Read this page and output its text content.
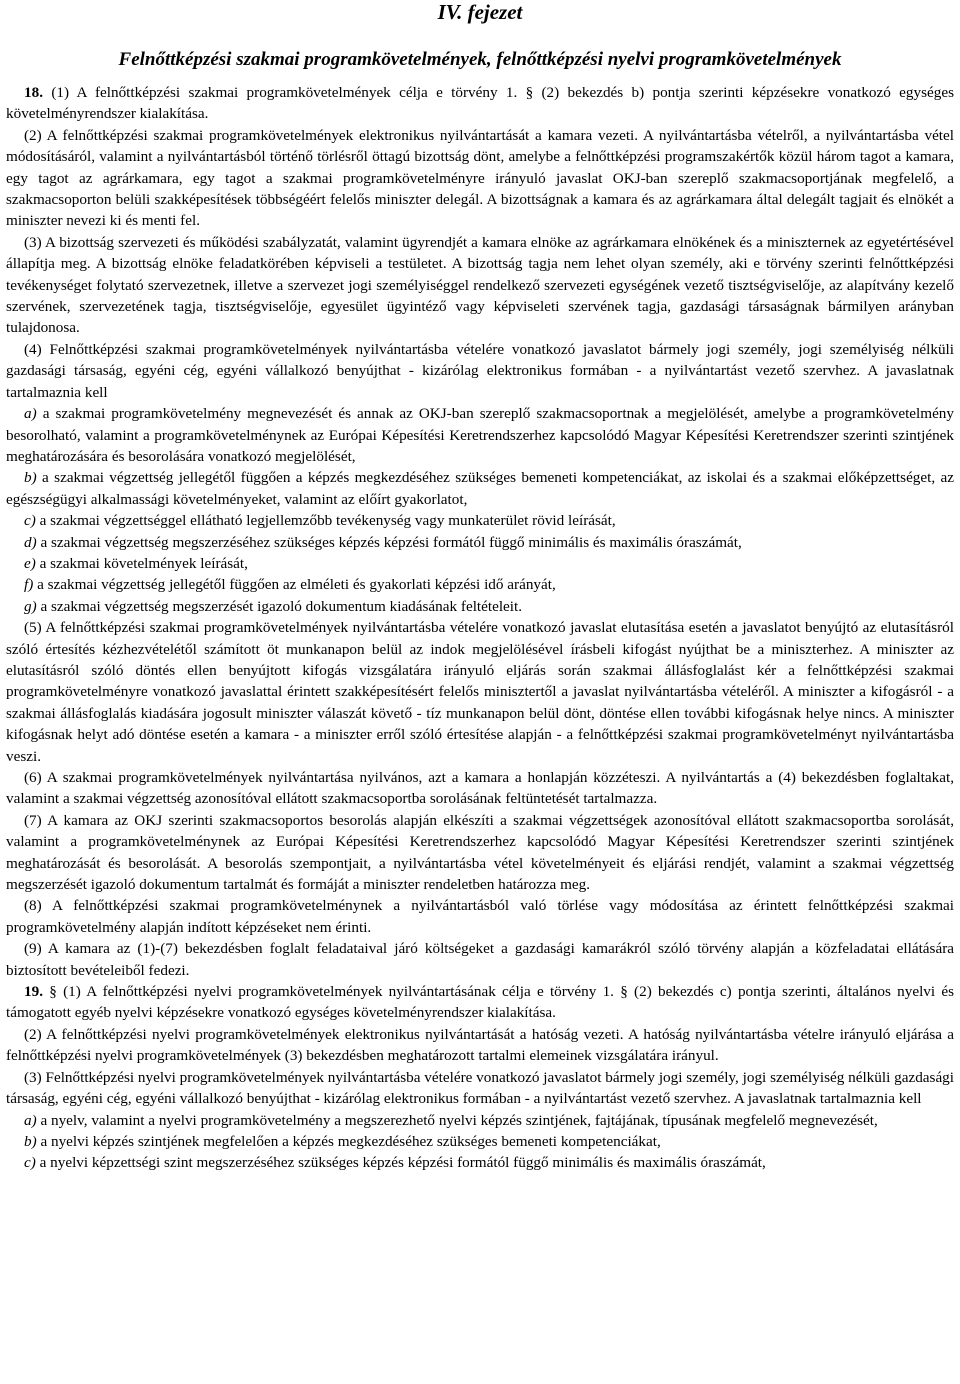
IV. fejezet
Felnőttképzési szakmai programkövetelmények, felnőttképzési nyelvi programkövetelmények

18. (1) A felnőttképzési szakmai programkövetelmények célja e törvény 1. § (2) bekezdés b) pontja szerinti képzésekre vonatkozó egységes követelményrendszer kialakítása.

(2) A felnőttképzési szakmai programkövetelmények elektronikus nyilvántartását a kamara vezeti. A nyilvántartásba vételről, a nyilvántartásba vétel módosításáról, valamint a nyilvántartásból történő törlésről öttagú bizottság dönt, amelybe a felnőttképzési programszakértők közül három tagot a kamara, egy tagot az agrárkamara, egy tagot a szakmai programkövetelményre irányuló javaslat OKJ-ban szereplő szakmacsoportjának megfelelő, a szakmacsoporton belüli szakképesítések többségéért felelős miniszter delegál. A bizottságnak a kamara és az agrárkamara által delegált tagjait és elnökét a miniszter nevezi ki és menti fel.

(3) A bizottság szervezeti és működési szabályzatát, valamint ügyrendjét a kamara elnöke az agrárkamara elnökének és a miniszternek az egyetértésével állapítja meg. A bizottság elnöke feladatkörében képviseli a testületet. A bizottság tagja nem lehet olyan személy, aki e törvény szerinti felnőttképzési tevékenységet folytató szervezetnek, illetve a szervezet jogi személyiséggel rendelkező szervezeti egységének vezető tisztségviselője, az alapítvány kezelő szervének, szervezetének tagja, tisztségviselője, egyesület ügyintéző vagy képviseleti szervének tagja, gazdasági társaságnak bármilyen arányban tulajdonosa.

(4) Felnőttképzési szakmai programkövetelmények nyilvántartásba vételére vonatkozó javaslatot bármely jogi személy, jogi személyiség nélküli gazdasági társaság, egyéni cég, egyéni vállalkozó benyújthat - kizárólag elektronikus formában - a nyilvántartást vezető szervhez. A javaslatnak tartalmaznia kell

a) a szakmai programkövetelmény megnevezését és annak az OKJ-ban szereplő szakmacsoportnak a megjelölését, amelybe a programkövetelmény besorolható, valamint a programkövetelménynek az Európai Képesítési Keretrendszerhez kapcsolódó Magyar Képesítési Keretrendszer szerinti szintjének meghatározására és besorolására vonatkozó megjelölését,

b) a szakmai végzettség jellegétől függően a képzés megkezdéséhez szükséges bemeneti kompetenciákat, az iskolai és a szakmai előképzettséget, az egészségügyi alkalmassági követelményeket, valamint az előírt gyakorlatot,

c) a szakmai végzettséggel ellátható legjellemzőbb tevékenység vagy munkaterület rövid leírását,

d) a szakmai végzettség megszerzéséhez szükséges képzés képzési formától függő minimális és maximális óraszámát,

e) a szakmai követelmények leírását,

f) a szakmai végzettség jellegétől függően az elméleti és gyakorlati képzési idő arányát,

g) a szakmai végzettség megszerzését igazoló dokumentum kiadásának feltételeit.

(5) A felnőttképzési szakmai programkövetelmények nyilvántartásba vételére vonatkozó javaslat elutasítása esetén a javaslatot benyújtó az elutasításról szóló értesítés kézhezvételétől számított öt munkanapon belül az indok megjelölésével írásbeli kifogást nyújthat be a miniszterhez. A miniszter az elutasításról szóló döntés ellen benyújtott kifogás vizsgálatára irányuló eljárás során szakmai állásfoglalást kér a felnőttképzési szakmai programkövetelményre vonatkozó javaslattal érintett szakképesítésért felelős minisztertől a javaslat nyilvántartásba vételéről. A miniszter a kifogásról - a szakmai állásfoglalás kiadására jogosult miniszter válaszát követő - tíz munkanapon belül dönt, döntése ellen további kifogásnak helye nincs. A miniszter kifogásnak helyt adó döntése esetén a kamara - a miniszter erről szóló értesítése alapján - a felnőttképzési szakmai programkövetelményt nyilvántartásba veszi.

(6) A szakmai programkövetelmények nyilvántartása nyilvános, azt a kamara a honlapján közzéteszi. A nyilvántartás a (4) bekezdésben foglaltakat, valamint a szakmai végzettség azonosítóval ellátott szakmacsoportba sorolásának feltüntetését tartalmazza.

(7) A kamara az OKJ szerinti szakmacsoportos besorolás alapján elkészíti a szakmai végzettségek azonosítóval ellátott szakmacsoportba sorolását, valamint a programkövetelménynek az Európai Képesítési Keretrendszerhez kapcsolódó Magyar Képesítési Keretrendszer szerinti szintjének meghatározását és besorolását. A besorolás szempontjait, a nyilvántartásba vétel követelményeit és eljárási rendjét, valamint a szakmai végzettség megszerzését igazoló dokumentum tartalmát és formáját a miniszter rendeletben határozza meg.

(8) A felnőttképzési szakmai programkövetelménynek a nyilvántartásból való törlése vagy módosítása az érintett felnőttképzési szakmai programkövetelmény alapján indított képzéseket nem érinti.

(9) A kamara az (1)-(7) bekezdésben foglalt feladataival járó költségeket a gazdasági kamarákról szóló törvény alapján a közfeladatai ellátására biztosított bevételeiből fedezi.

19. § (1) A felnőttképzési nyelvi programkövetelmények nyilvántartásának célja e törvény 1. § (2) bekezdés c) pontja szerinti, általános nyelvi és támogatott egyéb nyelvi képzésekre vonatkozó egységes követelményrendszer kialakítása.

(2) A felnőttképzési nyelvi programkövetelmények elektronikus nyilvántartását a hatóság vezeti. A hatóság nyilvántartásba vételre irányuló eljárása a felnőttképzési nyelvi programkövetelmények (3) bekezdésben meghatározott tartalmi elemeinek vizsgálatára irányul.

(3) Felnőttképzési nyelvi programkövetelmények nyilvántartásba vételére vonatkozó javaslatot bármely jogi személy, jogi személyiség nélküli gazdasági társaság, egyéni cég, egyéni vállalkozó benyújthat - kizárólag elektronikus formában - a nyilvántartást vezető szervhez. A javaslatnak tartalmaznia kell

a) a nyelv, valamint a nyelvi programkövetelmény a megszerezhető nyelvi képzés szintjének, fajtájának, típusának megfelelő megnevezését,

b) a nyelvi képzés szintjének megfelelően a képzés megkezdéséhez szükséges bemeneti kompetenciákat,

c) a nyelvi képzettségi szint megszerzéséhez szükséges képzés képzési formától függő minimális és maximális óraszámát,
